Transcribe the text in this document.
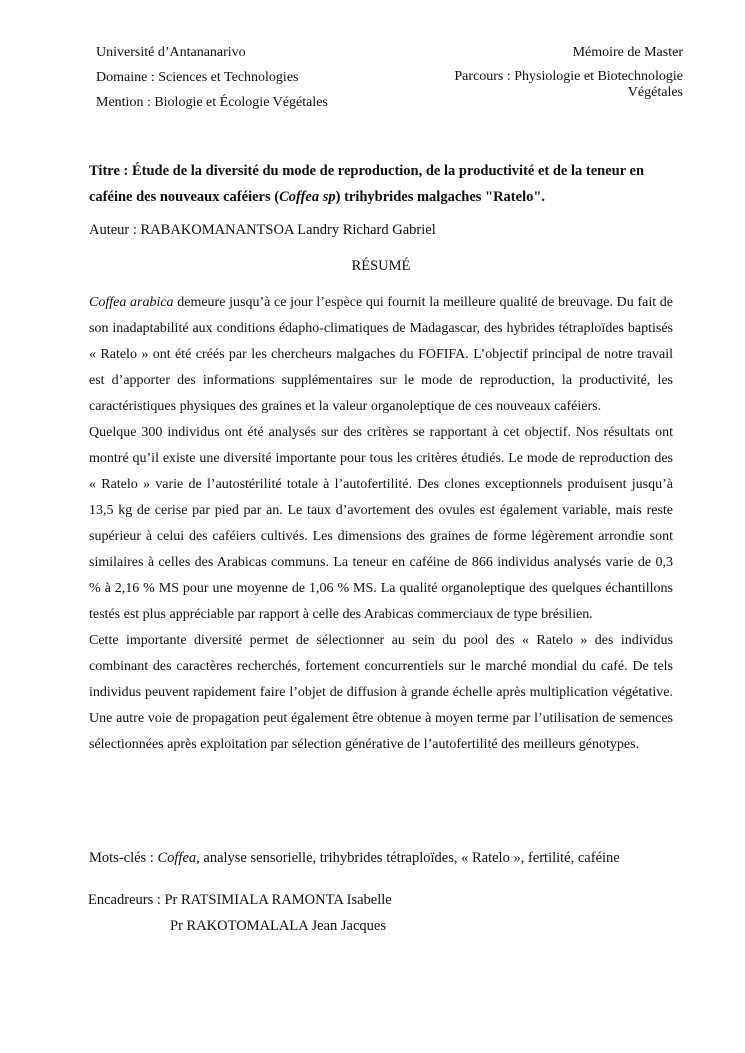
Université d’Antananarivo
Domaine : Sciences et Technologies
Mention : Biologie et Écologie Végétales
Mémoire de Master
Parcours : Physiologie et Biotechnologie
Végétales
Titre : Étude de la diversité du mode de reproduction, de la productivité et de la teneur en caféine des nouveaux caféiers (Coffea sp) trihybrides malgaches "Ratelo".
Auteur : RABAKOMANANTSOA Landry Richard Gabriel
RÉSUMÉ

Coffea arabica demeure jusqu’à ce jour l’espèce qui fournit la meilleure qualité de breuvage. Du fait de son inadaptabilité aux conditions édapho-climatiques de Madagascar, des hybrides tétraploïdes baptisés « Ratelo » ont été créés par les chercheurs malgaches du FOFIFA. L’objectif principal de notre travail est d’apporter des informations supplémentaires sur le mode de reproduction, la productivité, les caractéristiques physiques des graines et la valeur organoleptique de ces nouveaux caféiers.

Quelque 300 individus ont été analysés sur des critères se rapportant à cet objectif. Nos résultats ont montré qu’il existe une diversité importante pour tous les critères étudiés. Le mode de reproduction des « Ratelo » varie de l’autostérilité totale à l’autofertilité. Des clones exceptionnels produisent jusqu’à 13,5 kg de cerise par pied par an. Le taux d’avortement des ovules est également variable, mais reste supérieur à celui des caféiers cultivés. Les dimensions des graines de forme légèrement arrondie sont similaires à celles des Arabicas communs. La teneur en caféine de 866 individus analysés varie de 0,3 % à 2,16 % MS pour une moyenne de 1,06 % MS. La qualité organoleptique des quelques échantillons testés est plus appréciable par rapport à celle des Arabicas commerciaux de type brésilien.

Cette importante diversité permet de sélectionner au sein du pool des « Ratelo » des individus combinant des caractères recherchés, fortement concurrentiels sur le marché mondial du café. De tels individus peuvent rapidement faire l’objet de diffusion à grande échelle après multiplication végétative. Une autre voie de propagation peut également être obtenue à moyen terme par l’utilisation de semences sélectionnées après exploitation par sélection générative de l’autofertilité des meilleurs génotypes.

Mots-clés : Coffea, analyse sensorielle, trihybrides tétraploïdes, « Ratelo », fertilité, caféine
Encadreurs : Pr RATSIMIALA RAMONTA Isabelle
Pr RAKOTOMALALA Jean Jacques
